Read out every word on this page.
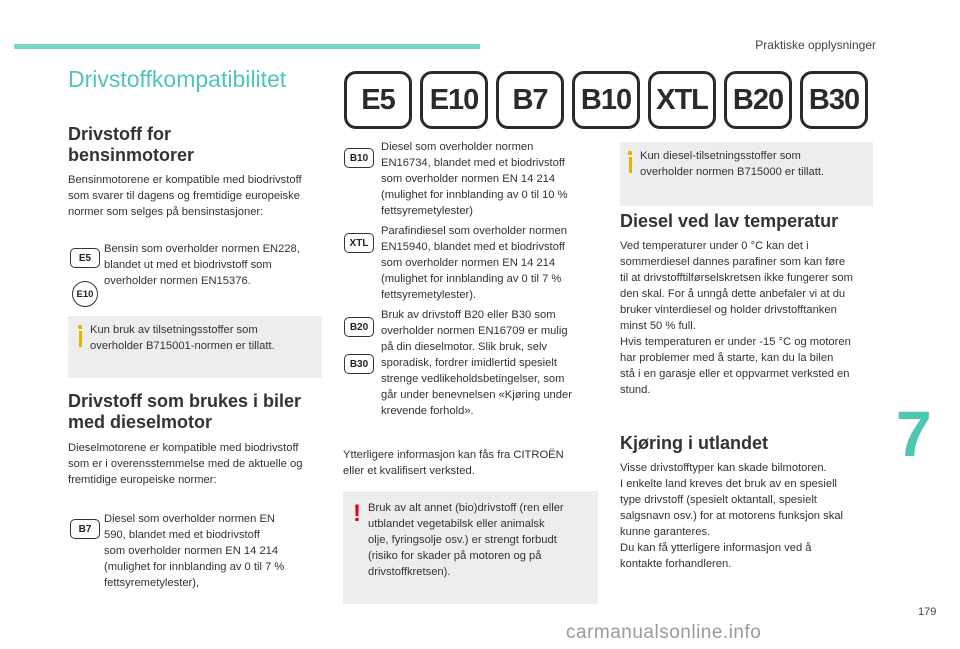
Praktiske opplysninger
Drivstoffkompatibilitet
E5	E10	B7	B10 XTL B20 B30
Drivstoff for
bensinmotorer
Bensinmotorene er kompatible med biodrivstoff
som svarer til dagens og fremtidige europeiske
normer som selges på bensinstasjoner:
E5
E10
Bensin som overholder normen EN228,
blandet ut med et biodrivstoff som
overholder normen EN15376.
Kun bruk av tilsetningsstoffer som
overholder B715001-normen er tillatt.
Drivstoff som brukes i biler
med dieselmotor
Dieselmotorene er kompatible med biodrivstoff
som er i overensstemmelse med de aktuelle og
fremtidige europeiske normer:
B7
Diesel som overholder normen EN
590, blandet med et biodrivstoff
som overholder normen EN 14 214
(mulighet for innblanding av 0 til 7 %
fettsyremetylester),
B10
Diesel som overholder normen
EN16734, blandet med et biodrivstoff
som overholder normen EN 14 214
(mulighet for innblanding av 0 til 10 %
fettsyremetylester)
XTL
Parafindiesel som overholder normen
EN15940, blandet med et biodrivstoff
som overholder normen EN 14 214
(mulighet for innblanding av 0 til 7 %
fettsyremetylester).
B20
B30
Bruk av drivstoff B20 eller B30 som
overholder normen EN16709 er mulig
på din dieselmotor. Slik bruk, selv
sporadisk, fordrer imidlertid spesielt
strenge vedlikeholdsbetingelser, som
går under benevnelsen «Kjøring under
krevende forhold».
Ytterligere informasjon kan fås fra CITROËN
eller et kvalifisert verksted.
! Bruk av alt annet (bio)drivstoff (ren eller
utblandet vegetabilsk eller animalsk
olje, fyringsolje osv.) er strengt forbudt
(risiko for skader på motoren og på
drivstoffkretsen).
Kun diesel-tilsetningsstoffer som
overholder normen B715000 er tillatt.
Diesel ved lav temperatur
Ved temperaturer under 0 °C kan det i
sommerdiesel dannes parafiner som kan føre
til at drivstofftilførselskretsen ikke fungerer som
den skal. For å unngå dette anbefaler vi at du
bruker vinterdiesel og holder drivstofftanken
minst 50 % full.
Hvis temperaturen er under -15 °C og motoren
har problemer med å starte, kan du la bilen
stå i en garasje eller et oppvarmet verksted en
stund.
Kjøring i utlandet
Visse drivstofftyper kan skade bilmotoren.
I enkelte land kreves det bruk av en spesiell
type drivstoff (spesielt oktantall, spesielt
salgsnavn osv.) for at motorens funksjon skal
kunne garanteres.
Du kan få ytterligere informasjon ved å
kontakte forhandleren.
7
179
carmanualsonline.info
